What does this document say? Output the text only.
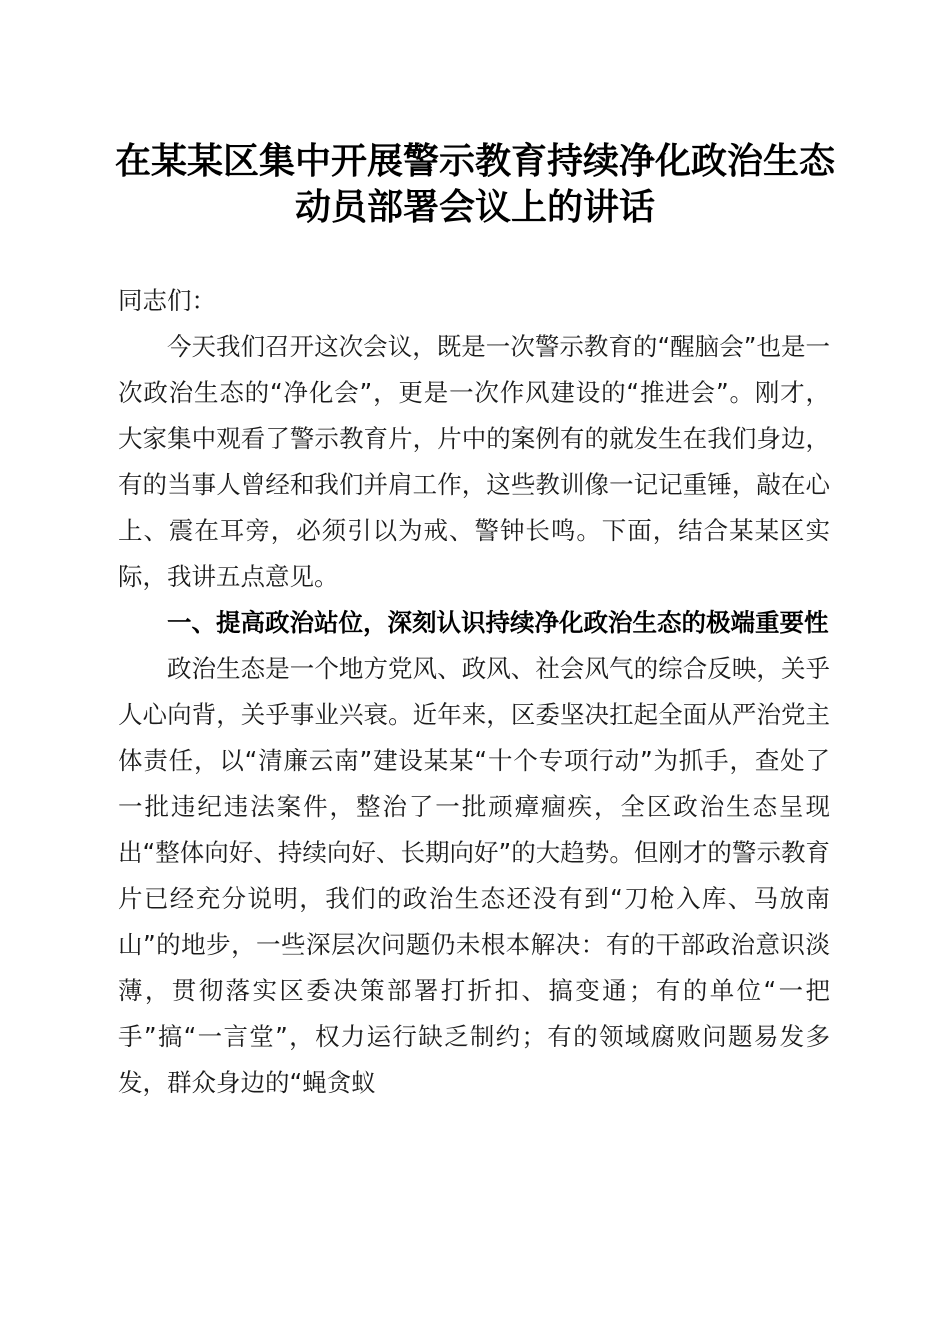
在某某区集中开展警示教育持续净化政治生态
动员部署会议上的讲话

同志们：

今天我们召开这次会议，既是一次警示教育的“醒脑会”也是一次政治生态的“净化会”，更是一次作风建设的“推进会”。刚才，大家集中观看了警示教育片，片中的案例有的就发生在我们身边，有的当事人曾经和我们并肩工作，这些教训像一记记重锤，敲在心上、震在耳旁，必须引以为戒、警钟长鸣。下面，结合某某区实际，我讲五点意见。

一、提高政治站位，深刻认识持续净化政治生态的极端重要性

政治生态是一个地方党风、政风、社会风气的综合反映，关乎人心向背，关乎事业兴衰。近年来，区委坚决扛起全面从严治党主体责任，以“清廉云南”建设某某“十个专项行动”为抓手，查处了一批违纪违法案件，整治了一批顽瘴痼疾，全区政治生态呈现出“整体向好、持续向好、长期向好”的大趋势。但刚才的警示教育片已经充分说明，我们的政治生态还没有到“刀枪入库、马放南山”的地步，一些深层次问题仍未根本解决：有的干部政治意识淡薄，贯彻落实区委决策部署打折扣、搞变通；有的单位“一把手”搞“一言堂”，权力运行缺乏制约；有的领域腐败问题易发多发，群众身边的“蝇贪蚁
